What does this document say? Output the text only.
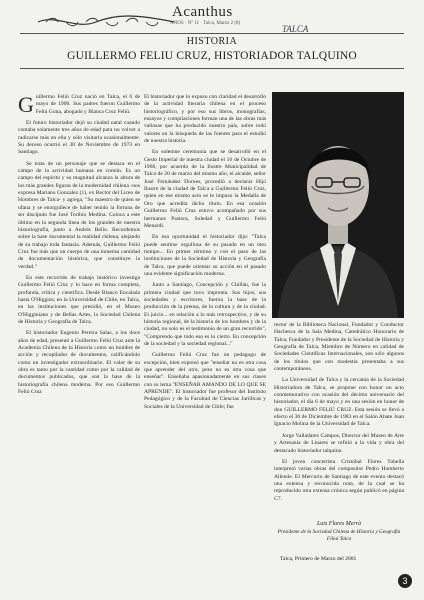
Acanthus
ANOS · Nº 11 · Talca, Marzo 2 (8)
TALCA
HISTORIA
GUILLERMO FELIU CRUZ, HISTORIADOR TALQUINO
G uillermo Feliú Cruz nació en Talca, el 6 de mayo de 1900. Sus padres fueron Guillermo Feliú Guna, abogado y Blanca Cruz Feliú.

El futuro historiador dejó su ciudad natal cuando contaba solamente tres años de edad para no volver a radicarse más en ella y sólo visitarla ocasionalmente. Su deceso ocurrió el 30 de Noviembre de 1973 en Santiago.

Se trata de un personaje que se destaca en el campo de la actividad humana en común. Es un campo del espíritu y su magnitud alcanza la altura de los más grandes figuras de la modernidad chilena -nos expresa Mariano Gonzalez (1), ex Rector del Liceo de Hombres de Talca- y agrega, "Su maestro de quien se ufana y se enorgullece de haber tenido la fortuna de ser discípulo fue José Toribio Medina. Coloca a este último en la segunda línea de los grandes de nuestra historiografía, junto a Andrés Bello. Recordemos sobre la base documental la realidad chilena, alejando de su trabajo toda fantasía. Además, Guillermo Feliú Cruz fue más que un cuerpo de una inmensa cantidad de documentación histórica, que constituye la verdad."

En este recorrido de trabajo histórico investiga Guillermo Feliú Cruz y lo hace en forma completa, profunda, crítica y científica. Desde Blanco Encalada hasta O'Higgins, en la Universidad de Chile, en Talca, en las instituciones que presidió, en el Museo O'Higginiano y de Bellas Artes, la Sociedad Chilena de Historia y Geografía de Talca.

El historiador Eugenio Pereira Salas, a los doce años de edad, presentó a Guillermo Feliú Cruz ante la Academia Chilena de la Historia como un hombre de acción y recopilador de documentos, calificándolo como un investigador extraordinario. El valor de su obra es tanto por la cantidad como por la calidad de documentos publicados, que son la base de la historiografía chilena moderna. Por eso Guillermo Feliú Cruz

El historiador que lo expuso con claridad el desarrollo de la actividad literaria chilena en el proceso historiográfico, y por eso sus libros, monografías, ensayos y compilaciones forman una de las obras más valiosas que ha producido nuestro país, sobre todo valores en la búsqueda de las fuentes para el estudio de nuestra historia.

En solemne ceremonia que se desarrolló en el Gesto Imperial de nuestra ciudad el 16 de Octubre de 1968, por acuerdo de la Ilustre Municipalidad de Talca de 20 de marzo del mismo año, el alcalde, señor José Fernández Dornes, procedió a declarar Hijo Ilustre de la ciudad de Talca a Guillermo Feliú Cruz, quien en ese mismo acto se le impuso la Medalla de Oro que acredita dicho título. En esa ocasión Guillermo Feliú Cruz estuvo acompañado por sus hermanos Pastora, Soledad y Guillermo Feliú Menardi.

En esa oportunidad el historiador dijo: "Talca puede sentirse orgullosa de su pasado en un otro tiempo... En primer término y con el paso de las instituciones de la Sociedad de Historia y Geografía de Talca, que puede orientar su acción en el pasado una evidente significación moderna.

Junto a Santiago, Concepción y Chillán, fue la primera ciudad que tuvo imprenta. Sus hijos, sus sociedades y escritores, fueron la base de la producción de la prensa, de la cultura y de la ciudad. El juicio... en relación a lo más retrospectivo, y de su historia regional, de la historia de los hombres y de la ciudad, no solo es el testimonio de un gran recorrido", "Comprendo que todo eso es lo cierto. En concepción de la sociedad y la sociedad regional..."

Guillermo Feliú Cruz fue un pedagogo de excepción, bien expresó que "enseñar no es otra cosa que aprender del otro, pero no es otra cosa que enseñar". Enseñaba apasionadamente en sus clases con su lema "ENSEÑAR AMANDO DE LO QUE SE APRENDE". El historiador fue profesor del Instituto Pedagógico y de la Facultad de Ciencias Jurídicas y Sociales de la Universidad de Chile; fue

rector de la Biblioteca Nacional, Fundador y Conductor Hachesca de la Sala Medina, Catedrático Honorario de Talca, Fundador y Presidente de la Sociedad de Historia y Geografía de Talca, Miembro de Número en calidad de Sociedades Científicas Internacionales, son sólo algunos de los títulos que con modestia presentaba a sus contemporáneos.

La Universidad de Talca y la cercanía de la Sociedad Historiadora de Talca, se propone con honor un acto conmemorativo con ocasión del décimo aniversario del historiador, el día 6 de mayo y en una sesión en honor de don GUILLERMO FELIÚ CRUZ. Esta sesión se llevó a efecto el 30 de Diciembre de 1983 en el Salón Abate Juan Ignacio Molina de la Universidad de Talca.

Jorge Valladares Campos, Director del Museo de Arte y Artesanía de Linares se refirió a la vida y obra del destacado historiador talquino.

El joven concertista Cristóbal Flores Tobella interpretó varias obras del compositor Pedro Humberto Allende. El Mercurio de Santiago de este evento destacó una extensa y reconocida nota, de la cual se ha reproducido otra extensa crónica según publicó en página C7.

Luis Flores Merrà
Presidente de la Sociedad Chilena de Historia y Geografía Filial Talca
Talca, Primero de Marzo del 2001
3
